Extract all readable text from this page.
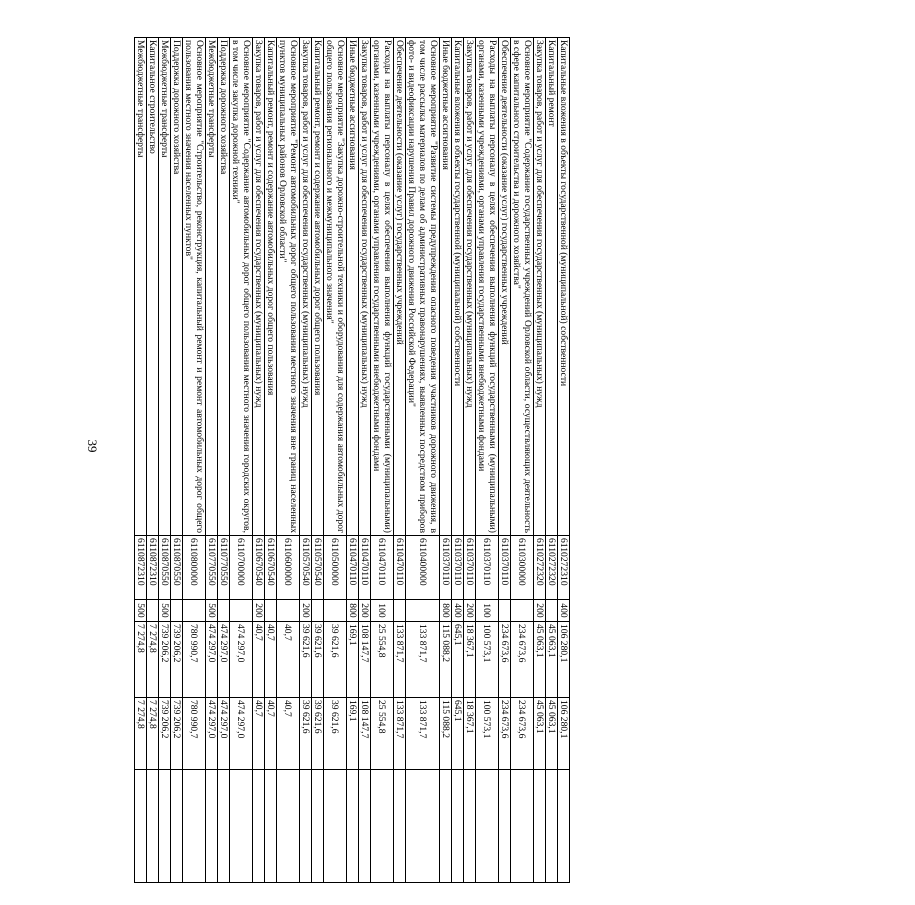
39
Капитальные вложения в объекты государственной (муниципальной) собственности	6110272310	400	106 280,1	106 280,1	
Капитальный ремонт	6110272320		45 063,1	45 063,1	
Закупка товаров, работ и услуг для обеспечения государственных (муниципальных) нужд	6110272320	200	45 063,1	45 063,1	
Основное мероприятие "Содержание государственных учреждений Орловской области, осуществляющих деятельность в сфере капитального строительства и дорожного хозяйства"	6110300000		234 673,6	234 673,6	
Обеспечение деятельности (оказание услуг) государственных учреждений	6110370110		234 673,6	234 673,6	
Расходы на выплаты персоналу в целях обеспечения выполнения функций государственными (муниципальными) органами, казенными учреждениями, органами управления государственными внебюджетными фондами	6110370110	100	100 573,1	100 573,1	
Закупка товаров, работ и услуг для обеспечения государственных (муниципальных) нужд	6110370110	200	18 367,1	18 367,1	
Капитальные вложения в объекты государственной (муниципальной) собственности	6110370110	400	645,1	645,1	
Иные бюджетные ассигнования	6110370110	800	115 088,2	115 088,2	
Основное мероприятие "Развитие системы предупреждения опасного поведения участников дорожного движения, в том числе рассылка материалов по делам об административных правонарушениях, выявленных посредством приборов фото- и видеофиксации нарушения Правил дорожного движения Российской Федерации"	6110400000		133 871,7	133 871,7	
Обеспечение деятельности (оказание услуг) государственных учреждений	6110470110		133 871,7	133 871,7	
Расходы на выплаты персоналу в целях обеспечения выполнения функций государственными (муниципальными) органами, казенными учреждениями, органами управления государственными внебюджетными фондами	6110470110	100	25 554,8	25 554,8	
Закупка товаров, работ и услуг для обеспечения государственных (муниципальных) нужд	6110470110	200	108 147,7	108 147,7	
Иные бюджетные ассигнования	6110470110	800	169,1	169,1	
Основное мероприятие "Закупка дорожно-строительной техники и оборудования для содержания автомобильных дорог общего пользования регионального и межмуниципального значения"	6110500000		39 621,6	39 621,6	
Капитальный ремонт, ремонт и содержание автомобильных дорог общего пользования	6110570540		39 621,6	39 621,6	
Закупка товаров, работ и услуг для обеспечения государственных (муниципальных) нужд	6110570540	200	39 621,6	39 621,6	
Основное мероприятие "Ремонт автомобильных дорог общего пользования местного значения вне границ населенных пунктов муниципальных районов Орловской области"	6110600000		40,7	40,7	
Капитальный ремонт, ремонт и содержание автомобильных дорог общего пользования	6110670540		40,7	40,7	
Закупка товаров, работ и услуг для обеспечения государственных (муниципальных) нужд	6110670540	200	40,7	40,7	
Основное мероприятие "Содержание автомобильных дорог общего пользования местного значения городских округов, в том числе закупка дорожной техники"	6110700000		474 297,0	474 297,0	
Поддержка дорожного хозяйства	6110770550		474 297,0	474 297,0	
Межбюджетные трансферты	6110770550	500	474 297,0	474 297,0	
Основное мероприятие "Строительство, реконструкция, капитальный ремонт и ремонт автомобильных дорог общего пользования местного значения населенных пунктов"	6110800000		780 990,7	780 990,7	
Поддержка дорожного хозяйства	6110870550		739 206,2	739 206,2	
Межбюджетные трансферты	6110870550	500	739 206,2	739 206,2	
Капитальное строительство	6110872310		7 274,8	7 274,8	
Межбюджетные трансферты	6110872310	500	7 274,8	7 274,8	
